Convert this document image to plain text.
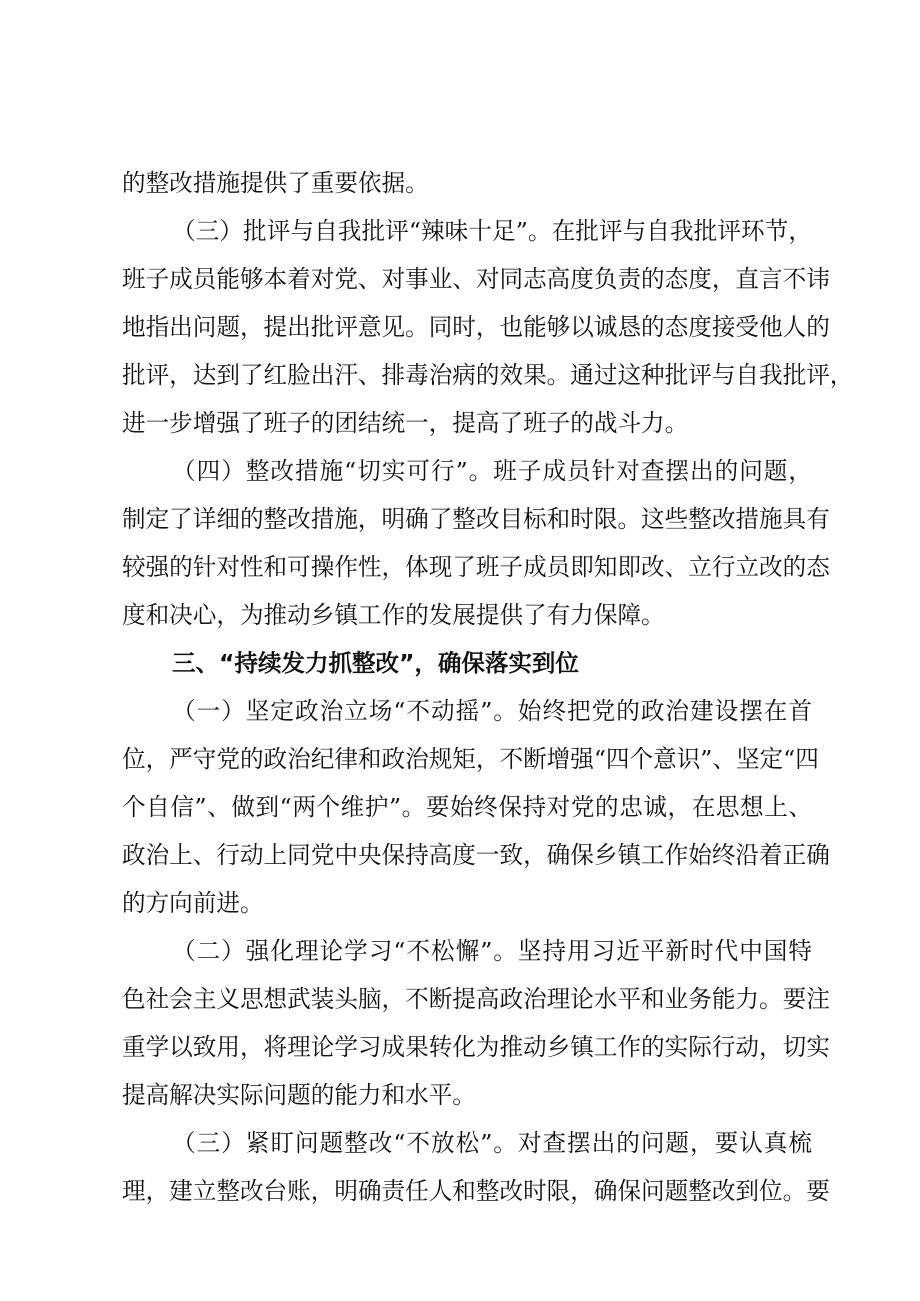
的整改措施提供了重要依据。
（三）批评与自我批评“辣味十足”。在批评与自我批评环节，
班子成员能够本着对党、对事业、对同志高度负责的态度，直言不讳
地指出问题，提出批评意见。同时，也能够以诚恳的态度接受他人的
批评，达到了红脸出汗、排毒治病的效果。通过这种批评与自我批评，
进一步增强了班子的团结统一，提高了班子的战斗力。
（四）整改措施“切实可行”。班子成员针对查摆出的问题，
制定了详细的整改措施，明确了整改目标和时限。这些整改措施具有
较强的针对性和可操作性，体现了班子成员即知即改、立行立改的态
度和决心，为推动乡镇工作的发展提供了有力保障。
三、“持续发力抓整改”，确保落实到位
（一）坚定政治立场“不动摇”。始终把党的政治建设摆在首
位，严守党的政治纪律和政治规矩，不断增强“四个意识”、坚定“四
个自信”、做到“两个维护”。要始终保持对党的忠诚，在思想上、
政治上、行动上同党中央保持高度一致，确保乡镇工作始终沿着正确
的方向前进。
（二）强化理论学习“不松懈”。坚持用习近平新时代中国特
色社会主义思想武装头脑，不断提高政治理论水平和业务能力。要注
重学以致用，将理论学习成果转化为推动乡镇工作的实际行动，切实
提高解决实际问题的能力和水平。
（三）紧盯问题整改“不放松”。对查摆出的问题，要认真梳
理，建立整改台账，明确责任人和整改时限，确保问题整改到位。要
